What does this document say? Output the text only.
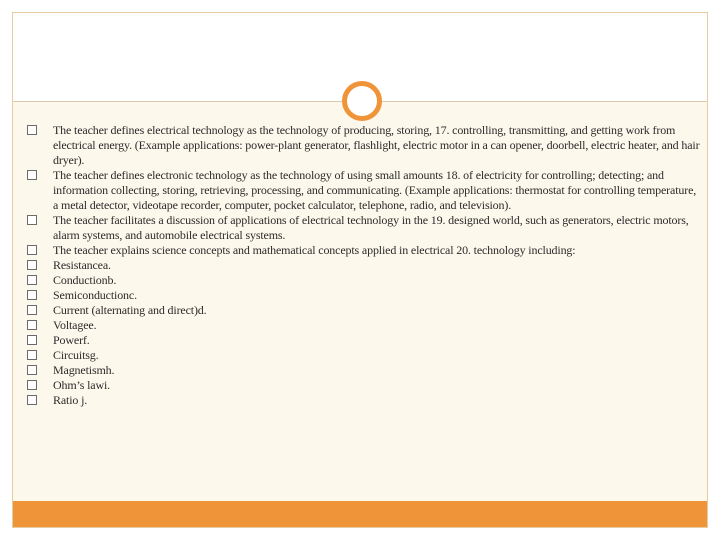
The teacher defines electrical technology as the technology of producing, storing, 17. controlling, transmitting, and getting work from electrical energy. (Example applications: power-plant generator, flashlight, electric motor in a can opener, doorbell, electric heater, and hair dryer).
The teacher defines electronic technology as the technology of using small amounts 18. of electricity for controlling; detecting; and information collecting, storing, retrieving, processing, and communicating. (Example applications: thermostat for controlling temperature, a metal detector, videotape recorder, computer, pocket calculator, telephone, radio, and television).
The teacher facilitates a discussion of applications of electrical technology in the 19. designed world, such as generators, electric motors, alarm systems, and automobile electrical systems.
The teacher explains science concepts and mathematical concepts applied in electrical 20. technology including:
Resistancea.
Conductionb.
Semiconductionc.
Current (alternating and direct)d.
Voltagee.
Powerf.
Circuitsg.
Magnetismh.
Ohm’s lawi.
Ratio j.
